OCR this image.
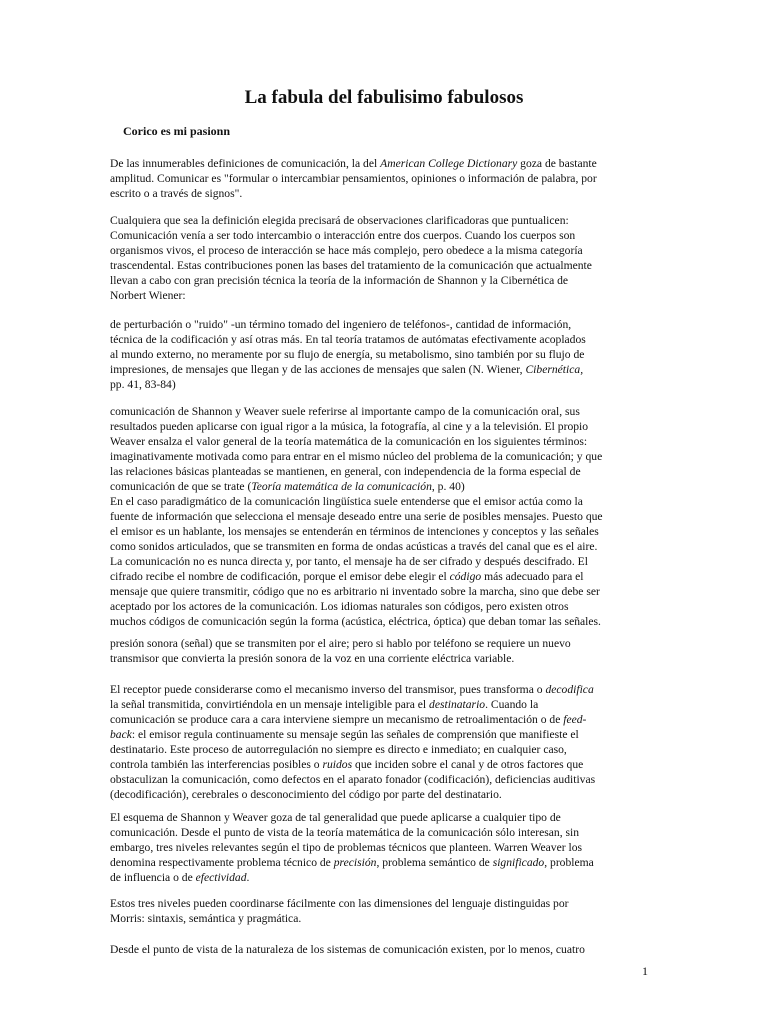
La fabula del fabulisimo fabulosos

Corico es mi pasionn

De las innumerables definiciones de comunicación, la del American College Dictionary goza de bastante
amplitud. Comunicar es "formular o intercambiar pensamientos, opiniones o información de palabra, por
escrito o a través de signos".

Cualquiera que sea la definición elegida precisará de observaciones clarificadoras que puntualicen:
Comunicación venía a ser todo intercambio o interacción entre dos cuerpos. Cuando los cuerpos son
organismos vivos, el proceso de interacción se hace más complejo, pero obedece a la misma categoría
trascendental. Estas contribuciones ponen las bases del tratamiento de la comunicación que actualmente
llevan a cabo con gran precisión técnica la teoría de la información de Shannon y la Cibernética de
Norbert Wiener:

de perturbación o "ruido" -un término tomado del ingeniero de teléfonos-, cantidad de información,
técnica de la codificación y así otras más. En tal teoría tratamos de autómatas efectivamente acoplados
al mundo externo, no meramente por su flujo de energía, su metabolismo, sino también por su flujo de
impresiones, de mensajes que llegan y de las acciones de mensajes que salen (N. Wiener, Cibernética,
pp. 41, 83-84)

comunicación de Shannon y Weaver suele referirse al importante campo de la comunicación oral, sus
resultados pueden aplicarse con igual rigor a la música, la fotografía, al cine y a la televisión. El propio
Weaver ensalza el valor general de la teoría matemática de la comunicación en los siguientes términos:
imaginativamente motivada como para entrar en el mismo núcleo del problema de la comunicación; y que
las relaciones básicas planteadas se mantienen, en general, con independencia de la forma especial de
comunicación de que se trate (Teoría matemática de la comunicación, p. 40)
En el caso paradigmático de la comunicación lingüística suele entenderse que el emisor actúa como la
fuente de información que selecciona el mensaje deseado entre una serie de posibles mensajes. Puesto que
el emisor es un hablante, los mensajes se entenderán en términos de intenciones y conceptos y las señales
como sonidos articulados, que se transmiten en forma de ondas acústicas a través del canal que es el aire.
La comunicación no es nunca directa y, por tanto, el mensaje ha de ser cifrado y después descifrado. El
cifrado recibe el nombre de codificación, porque el emisor debe elegir el código más adecuado para el
mensaje que quiere transmitir, código que no es arbitrario ni inventado sobre la marcha, sino que debe ser
aceptado por los actores de la comunicación. Los idiomas naturales son códigos, pero existen otros
muchos códigos de comunicación según la forma (acústica, eléctrica, óptica) que deban tomar las señales.

presión sonora (señal) que se transmiten por el aire; pero si hablo por teléfono se requiere un nuevo
transmisor que convierta la presión sonora de la voz en una corriente eléctrica variable.

El receptor puede considerarse como el mecanismo inverso del transmisor, pues transforma o decodifica
la señal transmitida, convirtiéndola en un mensaje inteligible para el destinatario. Cuando la
comunicación se produce cara a cara interviene siempre un mecanismo de retroalimentación o de feed-
back: el emisor regula continuamente su mensaje según las señales de comprensión que manifieste el
destinatario. Este proceso de autorregulación no siempre es directo e inmediato; en cualquier caso,
controla también las interferencias posibles o ruidos que inciden sobre el canal y de otros factores que
obstaculizan la comunicación, como defectos en el aparato fonador (codificación), deficiencias auditivas
(decodificación), cerebrales o desconocimiento del código por parte del destinatario.

El esquema de Shannon y Weaver goza de tal generalidad que puede aplicarse a cualquier tipo de
comunicación. Desde el punto de vista de la teoría matemática de la comunicación sólo interesan, sin
embargo, tres niveles relevantes según el tipo de problemas técnicos que planteen. Warren Weaver los
denomina respectivamente problema técnico de precisión, problema semántico de significado, problema
de influencia o de efectividad.

Estos tres niveles pueden coordinarse fácilmente con las dimensiones del lenguaje distinguidas por
Morris: sintaxis, semántica y pragmática.

Desde el punto de vista de la naturaleza de los sistemas de comunicación existen, por lo menos, cuatro

1
